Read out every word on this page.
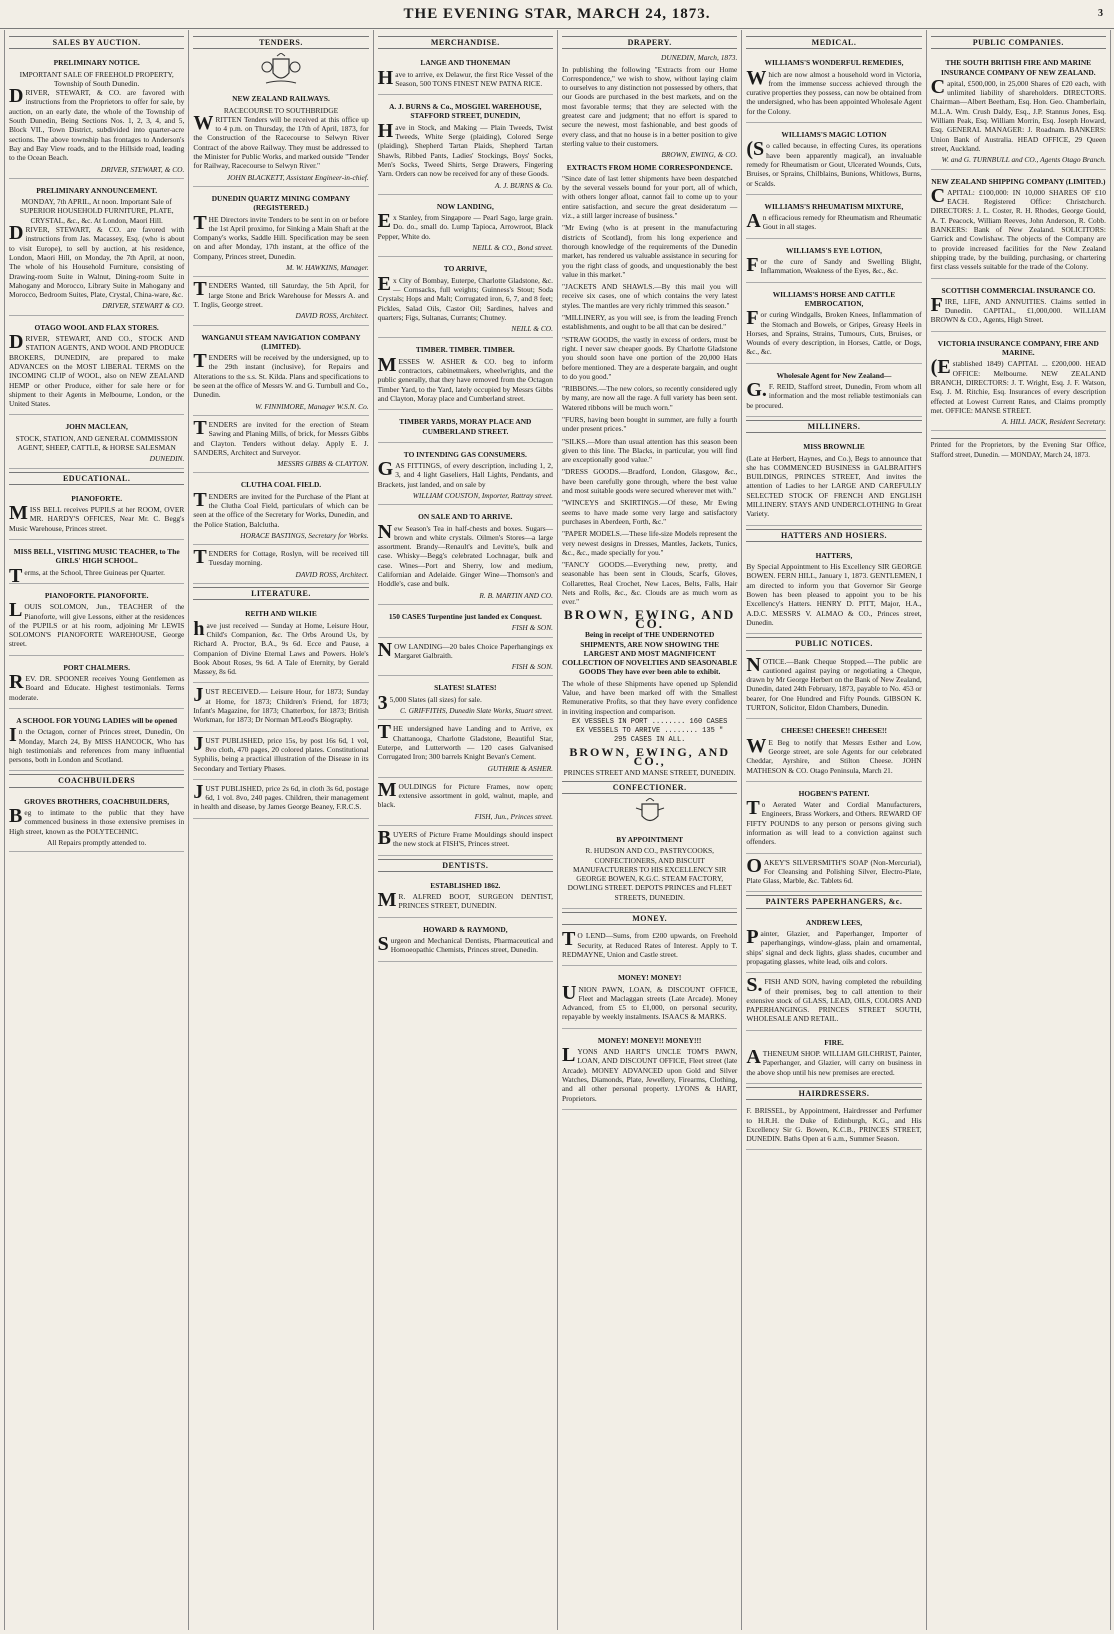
THE EVENING STAR, MARCH 24, 1873.	3
SALES BY AUCTION.
PRELIMINARY NOTICE.
IMPORTANT SALE OF FREEHOLD PROPERTY, Township of South Dunedin.

DRIVER, STEWART, & CO. are favored with instructions from the Proprietors to offer for sale, by auction, on an early date, the whole of the Township of South Dunedin, Being Sections Nos. 1, 2, 3, 4, and 5, Block VII., Town District, subdivided into quarter-acre sections. The above township has frontages to Anderson's Bay and Bay View roads, and to the Hillside road, leading to the Ocean Beach.

DRIVER, STEWART, & CO.
PRELIMINARY ANNOUNCEMENT.
MONDAY, 7th APRIL, At noon. Important Sale of SUPERIOR HOUSEHOLD FURNITURE, PLATE, CRYSTAL, &c., &c. At London, Maori Hill.

DRIVER, STEWART, & CO. are favored with instructions from Jas. Macassey, Esq. (who is about to visit Europe), to sell by auction, at his residence, London, Maori Hill, on Monday, the 7th April, at noon, The whole of his Household Furniture, consisting of Drawing-room Suite in Walnut, Dining-room Suite in Mahogany and Morocco, Library Suite in Mahogany and Morocco, Bedroom Suites, Plate, Crystal, China-ware, &c.

DRIVER, STEWART & CO.
OTAGO WOOL AND FLAX STORES.

DRIVER, STEWART, AND CO., STOCK AND STATION AGENTS, AND WOOL AND PRODUCE BROKERS, DUNEDIN, are prepared to make ADVANCES on the MOST LIBERAL TERMS on the INCOMING CLIP of WOOL, also on NEW ZEALAND HEMP or other Produce, either for sale here or for shipment to their Agents in Melbourne, London, or the United States.

JOHN MACLEAN,
STOCK, STATION, AND GENERAL COMMISSION AGENT, SHEEP, CATTLE, & HORSE SALESMAN
DUNEDIN.
EDUCATIONAL.
PIANOFORTE.

MISS BELL receives PUPILS at her ROOM, OVER MR. HARDY'S OFFICES, Near Mr. C. Begg's Music Warehouse, Princes street.

MISS BELL, VISITING MUSIC TEACHER, to The GIRLS' HIGH SCHOOL.

Terms, at the School, Three Guineas per Quarter.

PIANOFORTE. PIANOFORTE.

LOUIS SOLOMON, Jun., TEACHER of the Pianoforte, will give Lessons, either at the residences of the PUPILS or at his room, adjoining Mr LEWIS SOLOMON'S PIANOFORTE WAREHOUSE, George street.

PORT CHALMERS.

REV. DR. SPOONER receives Young Gentlemen as Board and Educate. Highest testimonials. Terms moderate.

A SCHOOL FOR YOUNG LADIES will be opened

In the Octagon, corner of Princes street, Dunedin, On Monday, March 24, By MISS HANCOCK, Who has high testimonials and references from many influential persons, both in London and Scotland.

COACHBUILDERS
GROVES BROTHERS, COACHBUILDERS,

Beg to intimate to the public that they have commenced business in those extensive premises in High street, known as the POLYTECHNIC.

All Repairs promptly attended to.
TENDERS.
NEW ZEALAND RAILWAYS.
RACECOURSE TO SOUTHBRIDGE

WRITTEN Tenders will be received at this office up to 4 p.m. on Thursday, the 17th of April, 1873, for the Construction of the Racecourse to Selwyn River Contract of the above Railway. They must be addressed to the Minister for Public Works, and marked outside "Tender for Railway, Racecourse to Selwyn River."

JOHN BLACKETT, Assistant Engineer-in-chief.
DUNEDIN QUARTZ MINING COMPANY (REGISTERED.)

THE Directors invite Tenders to be sent in on or before the 1st April proximo, for Sinking a Main Shaft at the Company's works, Saddle Hill. Specification may be seen on and after Monday, 17th instant, at the office of the Company, Princes street, Dunedin.

M. W. HAWKINS, Manager.

TENDERS Wanted, till Saturday, the 5th April, for large Stone and Brick Warehouse for Messrs A. and T. Inglis, George street.

DAVID ROSS, Architect.
WANGANUI STEAM NAVIGATION COMPANY (LIMITED).

TENDERS will be received by the undersigned, up to the 29th instant (inclusive), for Repairs and Alterations to the s.s. St. Kilda. Plans and specifications to be seen at the office of Messrs W. and G. Turnbull and Co., Dunedin.

W. FINNIMORE, Manager W.S.N. Co.

TENDERS are invited for the erection of Steam Sawing and Planing Mills, of brick, for Messrs Gibbs and Clayton. Tenders without delay. Apply E. J. SANDERS, Architect and Surveyor.

MESSRS GIBBS & CLAYTON.
CLUTHA COAL FIELD.

TENDERS are invited for the Purchase of the Plant at the Clutha Coal Field, particulars of which can be seen at the office of the Secretary for Works, Dunedin, and the Police Station, Balclutha.

HORACE BASTINGS, Secretary for Works.

TENDERS for Cottage, Roslyn, will be received till Tuesday morning.

DAVID ROSS, Architect.
LITERATURE.
REITH AND WILKIE

have just received — Sunday at Home, Leisure Hour, Child's Companion, &c. The Orbs Around Us, by Richard A. Proctor, B.A., 9s 6d. Ecce and Pause, a Companion of Divine Eternal Laws and Powers. Hole's Book About Roses, 9s 6d. A Tale of Eternity, by Gerald Massey, 8s 6d.

JUST RECEIVED.— Leisure Hour, for 1873; Sunday at Home, for 1873; Children's Friend, for 1873; Infant's Magazine, for 1873; Chatterbox, for 1873; British Workman, for 1873; Dr Norman M'Leod's Biography.

JUST PUBLISHED, price 15s, by post 16s 6d, 1 vol, 8vo cloth, 470 pages, 20 colored plates. Constitutional Syphilis, being a practical illustration of the Disease in its Secondary and Tertiary Phases.

JUST PUBLISHED, price 2s 6d, in cloth 3s 6d, postage 6d, 1 vol. 8vo, 240 pages. Children, their management in health and disease, by James George Beaney, F.R.C.S.

MERCHANDISE.
LANGE AND THONEMAN

Have to arrive, ex Delawur, the first Rice Vessel of the Season, 500 TONS FINEST NEW PATNA RICE.

A. J. BURNS & Co., MOSGIEL WAREHOUSE, STAFFORD STREET, DUNEDIN,

Have in Stock, and Making — Plain Tweeds, Twist Tweeds, White Serge (plaiding), Colored Serge (plaiding), Shepherd Tartan Plaids, Shepherd Tartan Shawls, Ribbed Pants, Ladies' Stockings, Boys' Socks, Men's Socks, Tweed Shirts, Serge Drawers, Fingering Yarn. Orders can now be received for any of these Goods.

A. J. BURNS & Co.
NOW LANDING,

Ex Stanley, from Singapore — Pearl Sago, large grain. Do. do., small do. Lump Tapioca, Arrowroot, Black Pepper, White do.

NEILL & CO., Bond street.
TO ARRIVE,

Ex City of Bombay, Euterpe, Charlotte Gladstone, &c. — Cornsacks, full weights; Guinness's Stout; Soda Crystals; Hops and Malt; Corrugated iron, 6, 7, and 8 feet; Pickles, Salad Oils, Castor Oil; Sardines, halves and quarters; Figs, Sultanas, Currants; Chutney.

NEILL & CO.
TIMBER. TIMBER. TIMBER.

MESSES W. ASHER & CO. beg to inform contractors, cabinetmakers, wheelwrights, and the public generally, that they have removed from the Octagon Timber Yard, to the Yard, lately occupied by Messrs Gibbs and Clayton, Moray place and Cumberland street.

TIMBER YARDS, MORAY PLACE AND CUMBERLAND STREET.
TO INTENDING GAS CONSUMERS.

GAS FITTINGS, of every description, including 1, 2, 3, and 4 light Gaseliers, Hall Lights, Pendants, and Brackets, just landed, and on sale by

WILLIAM COUSTON, Importer, Rattray street.
ON SALE AND TO ARRIVE.

New Season's Tea in half-chests and boxes. Sugars—brown and white crystals. Oilmen's Stores—a large assortment. Brandy—Renault's and Levitte's, bulk and case. Whisky—Begg's celebrated Lochnagar, bulk and case. Wines—Port and Sherry, low and medium, Californian and Adelaide. Ginger Wine—Thomson's and Hoddle's, case and bulk.

R. B. MARTIN AND CO.
150 CASES Turpentine just landed ex Conquest.
FISH & SON.

NOW LANDING—20 bales Choice Paperhangings ex Margaret Galbraith.

FISH & SON.
SLATES! SLATES!

35,000 Slates (all sizes) for sale.

C. GRIFFITHS, Dunedin Slate Works, Stuart street.

THE undersigned have Landing and to Arrive, ex Chattanooga, Charlotte Gladstone, Beautiful Star, Euterpe, and Lutterworth — 120 cases Galvanised Corrugated Iron; 300 barrels Knight Bevan's Cement.

GUTHRIE & ASHER.

MOULDINGS for Picture Frames, now open; extensive assortment in gold, walnut, maple, and black.

FISH, Jun., Princes street.

BUYERS of Picture Frame Mouldings should inspect the new stock at FISH'S, Princes street.

DENTISTS.
ESTABLISHED 1862.

MR. ALFRED BOOT, SURGEON DENTIST, PRINCES STREET, DUNEDIN.

HOWARD & RAYMOND,

Surgeon and Mechanical Dentists, Pharmaceutical and Homoeopathic Chemists, Princes street, Dunedin.

DRAPERY.
DUNEDIN, March, 1873.

In publishing the following "Extracts from our Home Correspondence," we wish to show, without laying claim to ourselves to any distinction not possessed by others, that our Goods are purchased in the best markets, and on the most favorable terms; that they are selected with the greatest care and judgment; that no effort is spared to secure the newest, most fashionable, and best goods of every class, and that no house is in a better position to give sterling value to their customers.

BROWN, EWING, & CO.
EXTRACTS FROM HOME CORRESPONDENCE.

"Since date of last letter shipments have been despatched by the several vessels bound for your port, all of which, with others longer afloat, cannot fail to come up to your entire satisfaction, and secure the great desideratum — viz., a still larger increase of business."

"Mr Ewing (who is at present in the manufacturing districts of Scotland), from his long experience and thorough knowledge of the requirements of the Dunedin market, has rendered us valuable assistance in securing for you the right class of goods, and unquestionably the best value in this market."

"JACKETS AND SHAWLS.—By this mail you will receive six cases, one of which contains the very latest styles. The mantles are very richly trimmed this season."

"MILLINERY, as you will see, is from the leading French establishments, and ought to be all that can be desired."

"STRAW GOODS, the vastly in excess of orders, must be right. I never saw cheaper goods. By Charlotte Gladstone you should soon have one portion of the 20,000 Hats before mentioned. They are a desperate bargain, and ought to do you good."

"RIBBONS.—The new colors, so recently considered ugly by many, are now all the rage. A full variety has been sent. Watered ribbons will be much worn."

"FURS, having been bought in summer, are fully a fourth under present prices."

"SILKS.—More than usual attention has this season been given to this line. The Blacks, in particular, you will find are exceptionally good value."

"DRESS GOODS.—Bradford, London, Glasgow, &c., have been carefully gone through, where the best value and most suitable goods were secured wherever met with."

"WINCEYS and SKIRTINGS.—Of these, Mr Ewing seems to have made some very large and satisfactory purchases in Aberdeen, Forth, &c."

"PAPER MODELS.—These life-size Models represent the very newest designs in Dresses, Mantles, Jackets, Tunics, &c., &c., made specially for you."

"FANCY GOODS.—Everything new, pretty, and seasonable has been sent in Clouds, Scarfs, Gloves, Collarettes, Real Crochet, New Laces, Belts, Falls, Hair Nets and Rolls, &c., &c. Clouds are as much worn as ever."

BROWN, EWING, AND CO.
Being in receipt of THE UNDERNOTED SHIPMENTS, ARE NOW SHOWING THE LARGEST AND MOST MAGNIFICENT COLLECTION OF NOVELTIES AND SEASONABLE GOODS They have ever been able to exhibit.

The whole of these Shipments have opened up Splendid Value, and have been marked off with the Smallest Remunerative Profits, so that they have every confidence in inviting inspection and comparison.

EX VESSELS IN PORT ........ 160 CASES
EX VESSELS TO ARRIVE ........ 135 "
295 CASES IN ALL.
BROWN, EWING, AND CO.,
PRINCES STREET AND MANSE STREET, DUNEDIN.
CONFECTIONER.
BY APPOINTMENT

R. HUDSON AND CO., PASTRYCOOKS, CONFECTIONERS, AND BISCUIT MANUFACTURERS TO HIS EXCELLENCY SIR GEORGE BOWEN, K.G.C. STEAM FACTORY, DOWLING STREET. DEPOTS PRINCES and FLEET STREETS, DUNEDIN.

MONEY.

TO LEND—Sums, from £200 upwards, on Freehold Security, at Reduced Rates of Interest. Apply to T. REDMAYNE, Union and Castle street.

MONEY! MONEY!

UNION PAWN, LOAN, & DISCOUNT OFFICE, Fleet and Maclaggan streets (Late Arcade). Money Advanced, from £5 to £1,000, on personal security, repayable by weekly instalments. ISAACS & MARKS.

MONEY! MONEY!! MONEY!!!

LYONS AND HART'S UNCLE TOM'S PAWN, LOAN, AND DISCOUNT OFFICE, Fleet street (late Arcade). MONEY ADVANCED upon Gold and Silver Watches, Diamonds, Plate, Jewellery, Firearms, Clothing, and all other personal property. LYONS & HART, Proprietors.

MEDICAL.
WILLIAMS'S WONDERFUL REMEDIES,

Which are now almost a household word in Victoria, from the immense success achieved through the curative properties they possess, can now be obtained from the undersigned, who has been appointed Wholesale Agent for the Colony.

WILLIAMS'S MAGIC LOTION

(So called because, in effecting Cures, its operations have been apparently magical), an invaluable remedy for Rheumatism or Gout, Ulcerated Wounds, Cuts, Bruises, or Sprains, Chilblains, Bunions, Whitlows, Burns, or Scalds.

WILLIAMS'S RHEUMATISM MIXTURE,

An efficacious remedy for Rheumatism and Rheumatic Gout in all stages.

WILLIAMS'S EYE LOTION,

For the cure of Sandy and Swelling Blight, Inflammation, Weakness of the Eyes, &c., &c.

WILLIAMS'S HORSE AND CATTLE EMBROCATION,

For curing Windgalls, Broken Knees, Inflammation of the Stomach and Bowels, or Gripes, Greasy Heels in Horses, and Sprains, Strains, Tumours, Cuts, Bruises, or Wounds of every description, in Horses, Cattle, or Dogs, &c., &c.

Wholesale Agent for New Zealand—

G.F. REID, Stafford street, Dunedin, From whom all information and the most reliable testimonials can be procured.

MILLINERS.
MISS BROWNLIE

(Late at Herbert, Haynes, and Co.), Begs to announce that she has COMMENCED BUSINESS in GALBRAITH'S BUILDINGS, PRINCES STREET, And invites the attention of Ladies to her LARGE AND CAREFULLY SELECTED STOCK OF FRENCH AND ENGLISH MILLINERY. STAYS AND UNDERCLOTHING In Great Variety.

HATTERS AND HOSIERS.
HATTERS,

By Special Appointment to His Excellency SIR GEORGE BOWEN. FERN HILL, January 1, 1873. GENTLEMEN, I am directed to inform you that Governor Sir George Bowen has been pleased to appoint you to be his Excellency's Hatters. HENRY D. PITT, Major, H.A., A.D.C. MESSRS V. ALMAO & CO., Princes street, Dunedin.

PUBLIC NOTICES.

NOTICE.—Bank Cheque Stopped.—The public are cautioned against paying or negotiating a Cheque, drawn by Mr George Herbert on the Bank of New Zealand, Dunedin, dated 24th February, 1873, payable to No. 453 or bearer, for One Hundred and Fifty Pounds. GIBSON K. TURTON, Solicitor, Eldon Chambers, Dunedin.

CHEESE! CHEESE!! CHEESE!!

WE Beg to notify that Messrs Esther and Low, George street, are sole Agents for our celebrated Cheddar, Ayrshire, and Stilton Cheese. JOHN MATHESON & CO. Otago Peninsula, March 21.

HOGBEN'S PATENT.

To Aerated Water and Cordial Manufacturers, Engineers, Brass Workers, and Others. REWARD OF FIFTY POUNDS to any person or persons giving such information as will lead to a conviction against such offenders.

OAKEY'S SILVERSMITH'S SOAP (Non-Mercurial), For Cleansing and Polishing Silver, Electro-Plate, Plate Glass, Marble, &c. Tablets 6d.

PAINTERS PAPERHANGERS, &c.
ANDREW LEES,

Painter, Glazier, and Paperhanger, Importer of paperhangings, window-glass, plain and ornamental, ships' signal and deck lights, glass shades, cucumber and propagating glasses, white lead, oils and colors.

S.FISH AND SON, having completed the rebuilding of their premises, beg to call attention to their extensive stock of GLASS, LEAD, OILS, COLORS AND PAPERHANGINGS. PRINCES STREET SOUTH, WHOLESALE AND RETAIL.

FIRE.

ATHENEUM SHOP. WILLIAM GILCHRIST, Painter, Paperhanger, and Glazier, will carry on business in the above shop until his new premises are erected.

HAIRDRESSERS.

F. BRISSEL, by Appointment, Hairdresser and Perfumer to H.R.H. the Duke of Edinburgh, K.G., and His Excellency Sir G. Bowen, K.C.B., PRINCES STREET, DUNEDIN. Baths Open at 6 a.m., Summer Season.

PUBLIC COMPANIES.
THE SOUTH BRITISH FIRE AND MARINE INSURANCE COMPANY OF NEW ZEALAND.

Capital, £500,000, in 25,000 Shares of £20 each, with unlimited liability of shareholders. DIRECTORS. Chairman—Albert Beetham, Esq. Hon. Geo. Chamberlain, M.L.A. Wm. Crush Daldy, Esq., J.P. Stannus Jones, Esq. William Peak, Esq. William Morrin, Esq. Joseph Howard, Esq. GENERAL MANAGER: J. Roadnam. BANKERS: Union Bank of Australia. HEAD OFFICE, 29 Queen street, Auckland.

W. and G. TURNBULL and CO., Agents Otago Branch.
NEW ZEALAND SHIPPING COMPANY (LIMITED.)

CAPITAL: £100,000: IN 10,000 SHARES OF £10 EACH. Registered Office: Christchurch. DIRECTORS: J. L. Coster, R. H. Rhodes, George Gould, A. T. Peacock, William Reeves, John Anderson, R. Cobb. BANKERS: Bank of New Zealand. SOLICITORS: Garrick and Cowlishaw. The objects of the Company are to provide increased facilities for the New Zealand shipping trade, by the building, purchasing, or chartering first class vessels suitable for the trade of the Colony.

SCOTTISH COMMERCIAL INSURANCE CO.

FIRE, LIFE, AND ANNUITIES. Claims settled in Dunedin. CAPITAL, £1,000,000. WILLIAM BROWN & CO., Agents, High Street.

VICTORIA INSURANCE COMPANY, FIRE AND MARINE.

(Established 1849) CAPITAL ... £200,000. HEAD OFFICE: Melbourne. NEW ZEALAND BRANCH, DIRECTORS: J. T. Wright, Esq. J. F. Watson, Esq. J. M. Ritchie, Esq. Insurances of every description effected at Lowest Current Rates, and Claims promptly met. OFFICE: MANSE STREET.

A. HILL JACK, Resident Secretary.

Printed for the Proprietors, by the Evening Star Office, Stafford street, Dunedin. — MONDAY, March 24, 1873.
